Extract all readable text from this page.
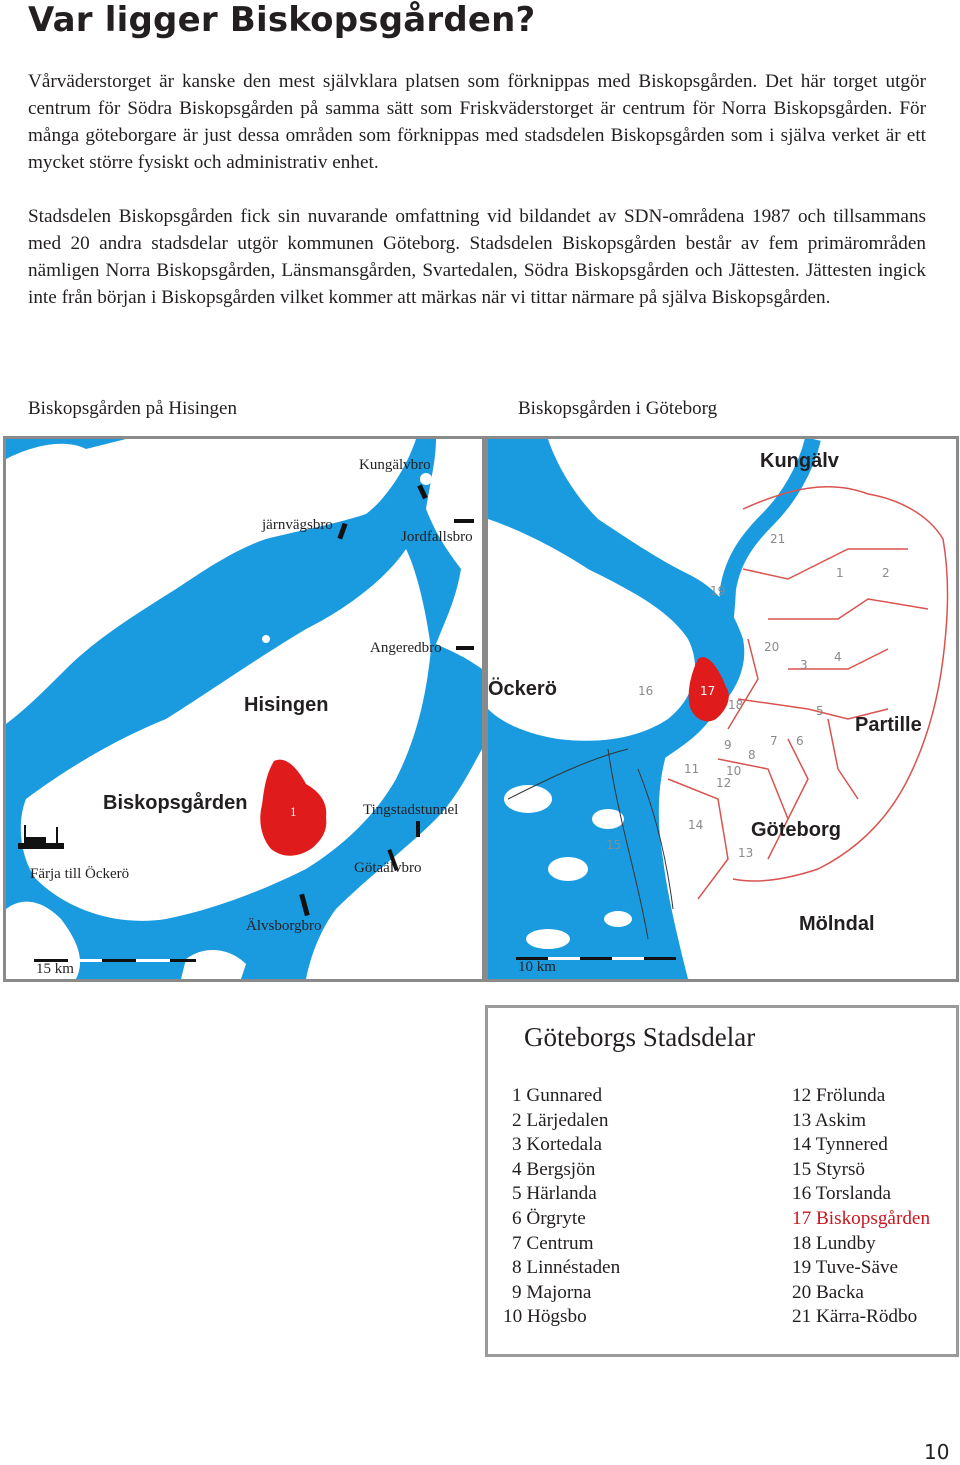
Var ligger Biskopsgården?

Vårväderstorget är kanske den mest självklara platsen som förknippas med Biskopsgården. Det här torget utgör centrum för Södra Biskopsgården på samma sätt som Friskväderstorget är centrum för Norra Biskopsgården. För många göteborgare är just dessa områden som förknippas med stadsdelen Biskopsgården som i själva verket är ett mycket större fysiskt och administrativ enhet.

Stadsdelen Biskopsgården fick sin nuvarande omfattning vid bildandet av SDN-områdena 1987 och tillsammans med 20 andra stadsdelar utgör kommunen Göteborg. Stadsdelen Biskopsgården består av fem primärområden nämligen Norra Biskopsgården, Länsmansgården, Svartedalen, Södra Biskopsgården och Jättesten. Jättesten ingick inte från början i Biskopsgården vilket kommer att märkas när vi tittar närmare på själva Biskopsgården.

Biskopsgården på Hisingen	Biskopsgården i Göteborg
Kungälvbro
järnvägsbro
Jordfallsbro
Angeredbro
Hisingen
Biskopsgården	1	Tingstadstunnel
Färja till Öckerö	Götaälvbro
Älvsborgbro
15 km
1	2
3
4
5
6
7
8
9
10
11
12
13
14
15
16	17
18
19
20
21
Kungälv
Öckerö
Partille
Göteborg
Mölndal
10 km
Göteborgs Stadsdelar
1 Gunnared
2 Lärjedalen
3 Kortedala
4 Bergsjön
5 Härlanda
6 Örgryte
7 Centrum
8 Linnéstaden
9 Majorna
10 Högsbo
12 Frölunda
13 Askim
14 Tynnered
15 Styrsö
16 Torslanda
17 Biskopsgården
18 Lundby
19 Tuve-Säve
20 Backa
21 Kärra-Rödbo
10
